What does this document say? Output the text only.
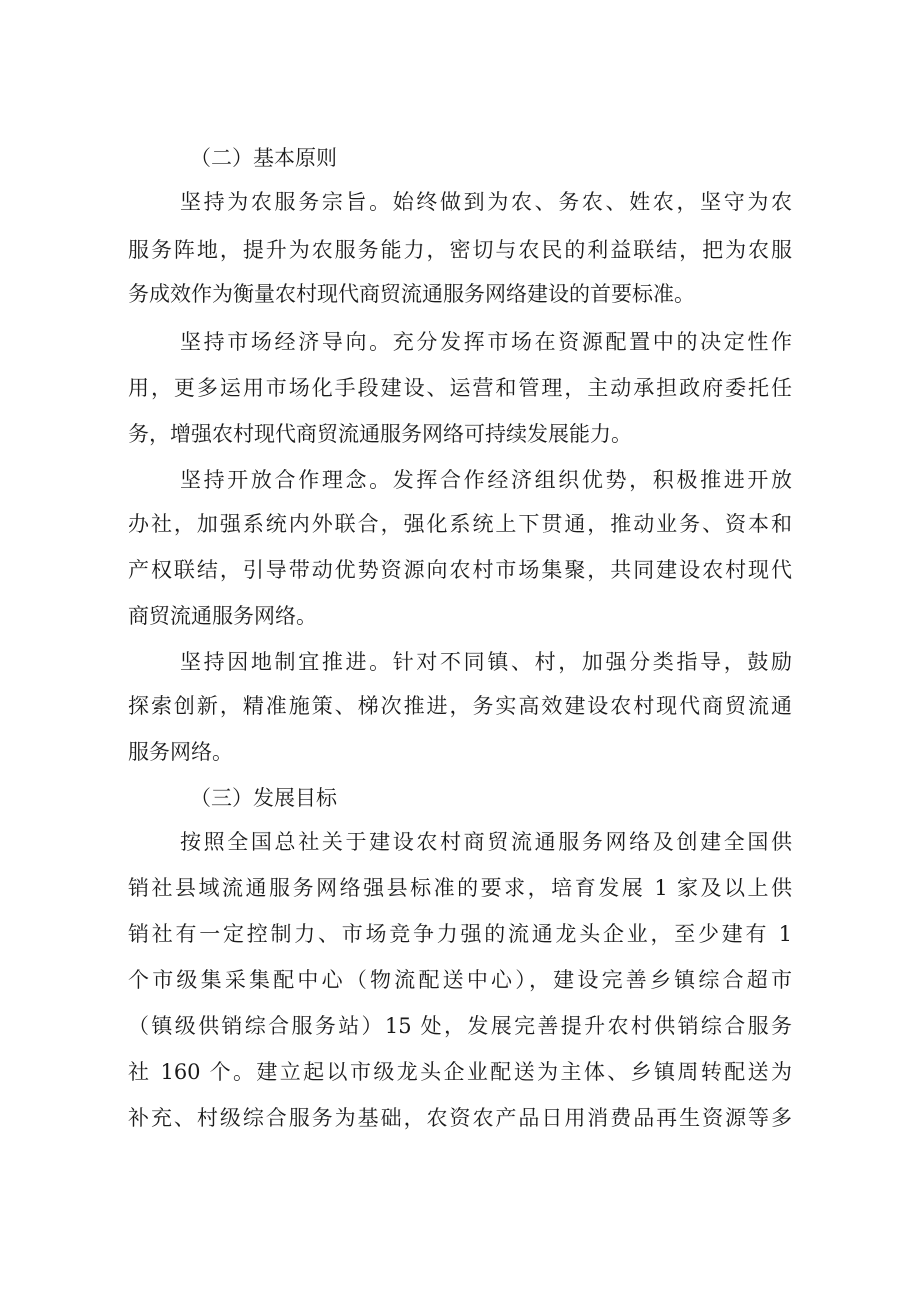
（二）基本原则
坚持为农服务宗旨。始终做到为农、务农、姓农，坚守为农
服务阵地，提升为农服务能力，密切与农民的利益联结，把为农服
务成效作为衡量农村现代商贸流通服务网络建设的首要标准。
坚持市场经济导向。充分发挥市场在资源配置中的决定性作
用，更多运用市场化手段建设、运营和管理，主动承担政府委托任
务，增强农村现代商贸流通服务网络可持续发展能力。
坚持开放合作理念。发挥合作经济组织优势，积极推进开放
办社，加强系统内外联合，强化系统上下贯通，推动业务、资本和
产权联结，引导带动优势资源向农村市场集聚，共同建设农村现代
商贸流通服务网络。
坚持因地制宜推进。针对不同镇、村，加强分类指导，鼓励
探索创新，精准施策、梯次推进，务实高效建设农村现代商贸流通
服务网络。
（三）发展目标
按照全国总社关于建设农村商贸流通服务网络及创建全国供
销社县域流通服务网络强县标准的要求，培育发展 1 家及以上供
销社有一定控制力、市场竞争力强的流通龙头企业，至少建有 1
个市级集采集配中心（物流配送中心），建设完善乡镇综合超市
（镇级供销综合服务站）15 处，发展完善提升农村供销综合服务
社 160 个。建立起以市级龙头企业配送为主体、乡镇周转配送为
补充、村级综合服务为基础，农资农产品日用消费品再生资源等多
